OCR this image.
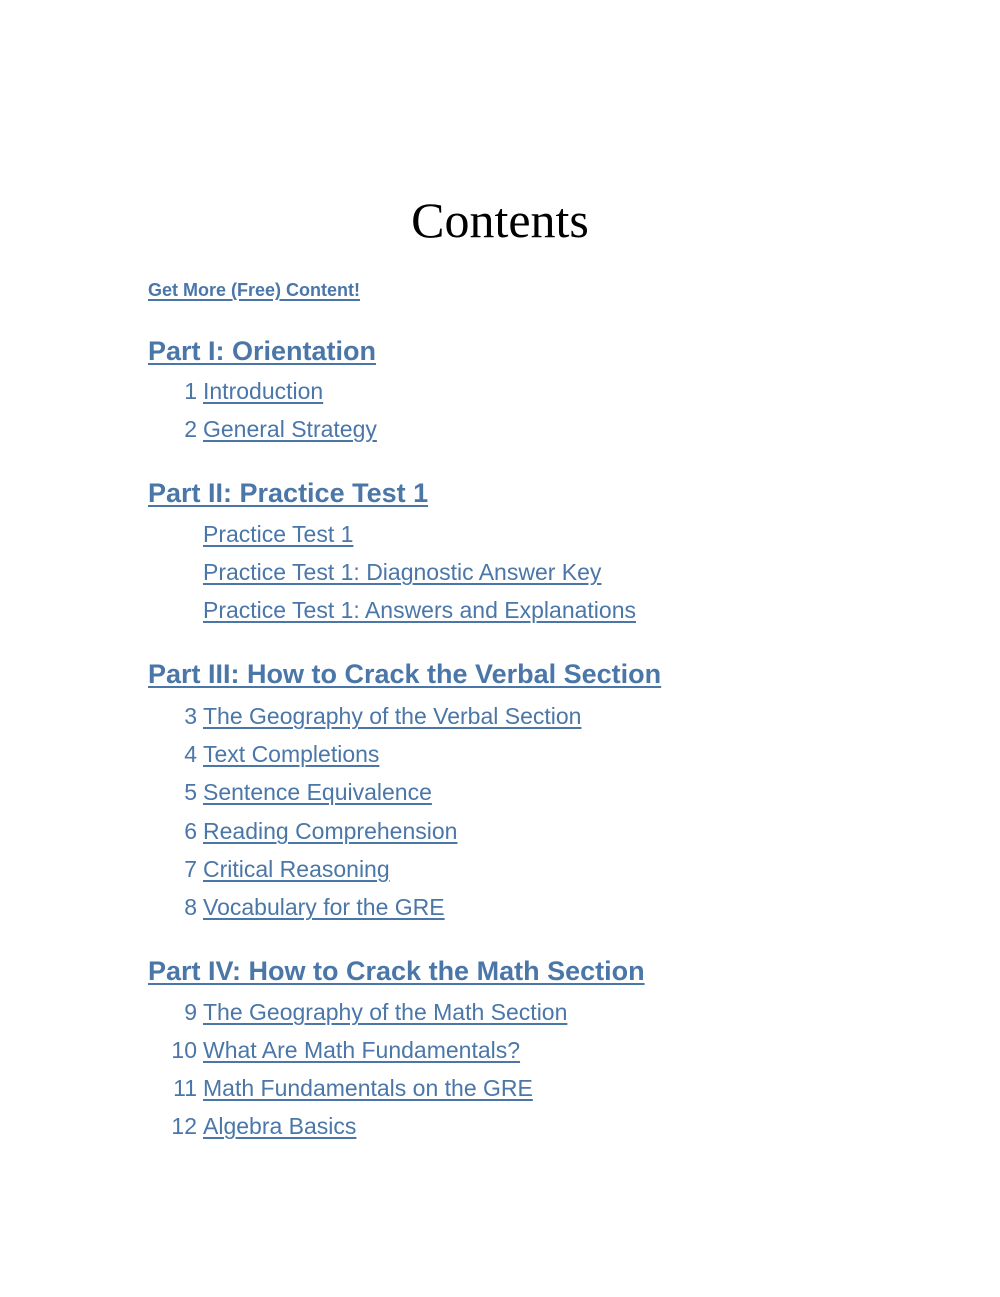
Contents
Get More (Free) Content!
Part I: Orientation
1 Introduction
2 General Strategy
Part II: Practice Test 1
Practice Test 1
Practice Test 1: Diagnostic Answer Key
Practice Test 1: Answers and Explanations
Part III: How to Crack the Verbal Section
3 The Geography of the Verbal Section
4 Text Completions
5 Sentence Equivalence
6 Reading Comprehension
7 Critical Reasoning
8 Vocabulary for the GRE
Part IV: How to Crack the Math Section
9 The Geography of the Math Section
10 What Are Math Fundamentals?
11 Math Fundamentals on the GRE
12 Algebra Basics
